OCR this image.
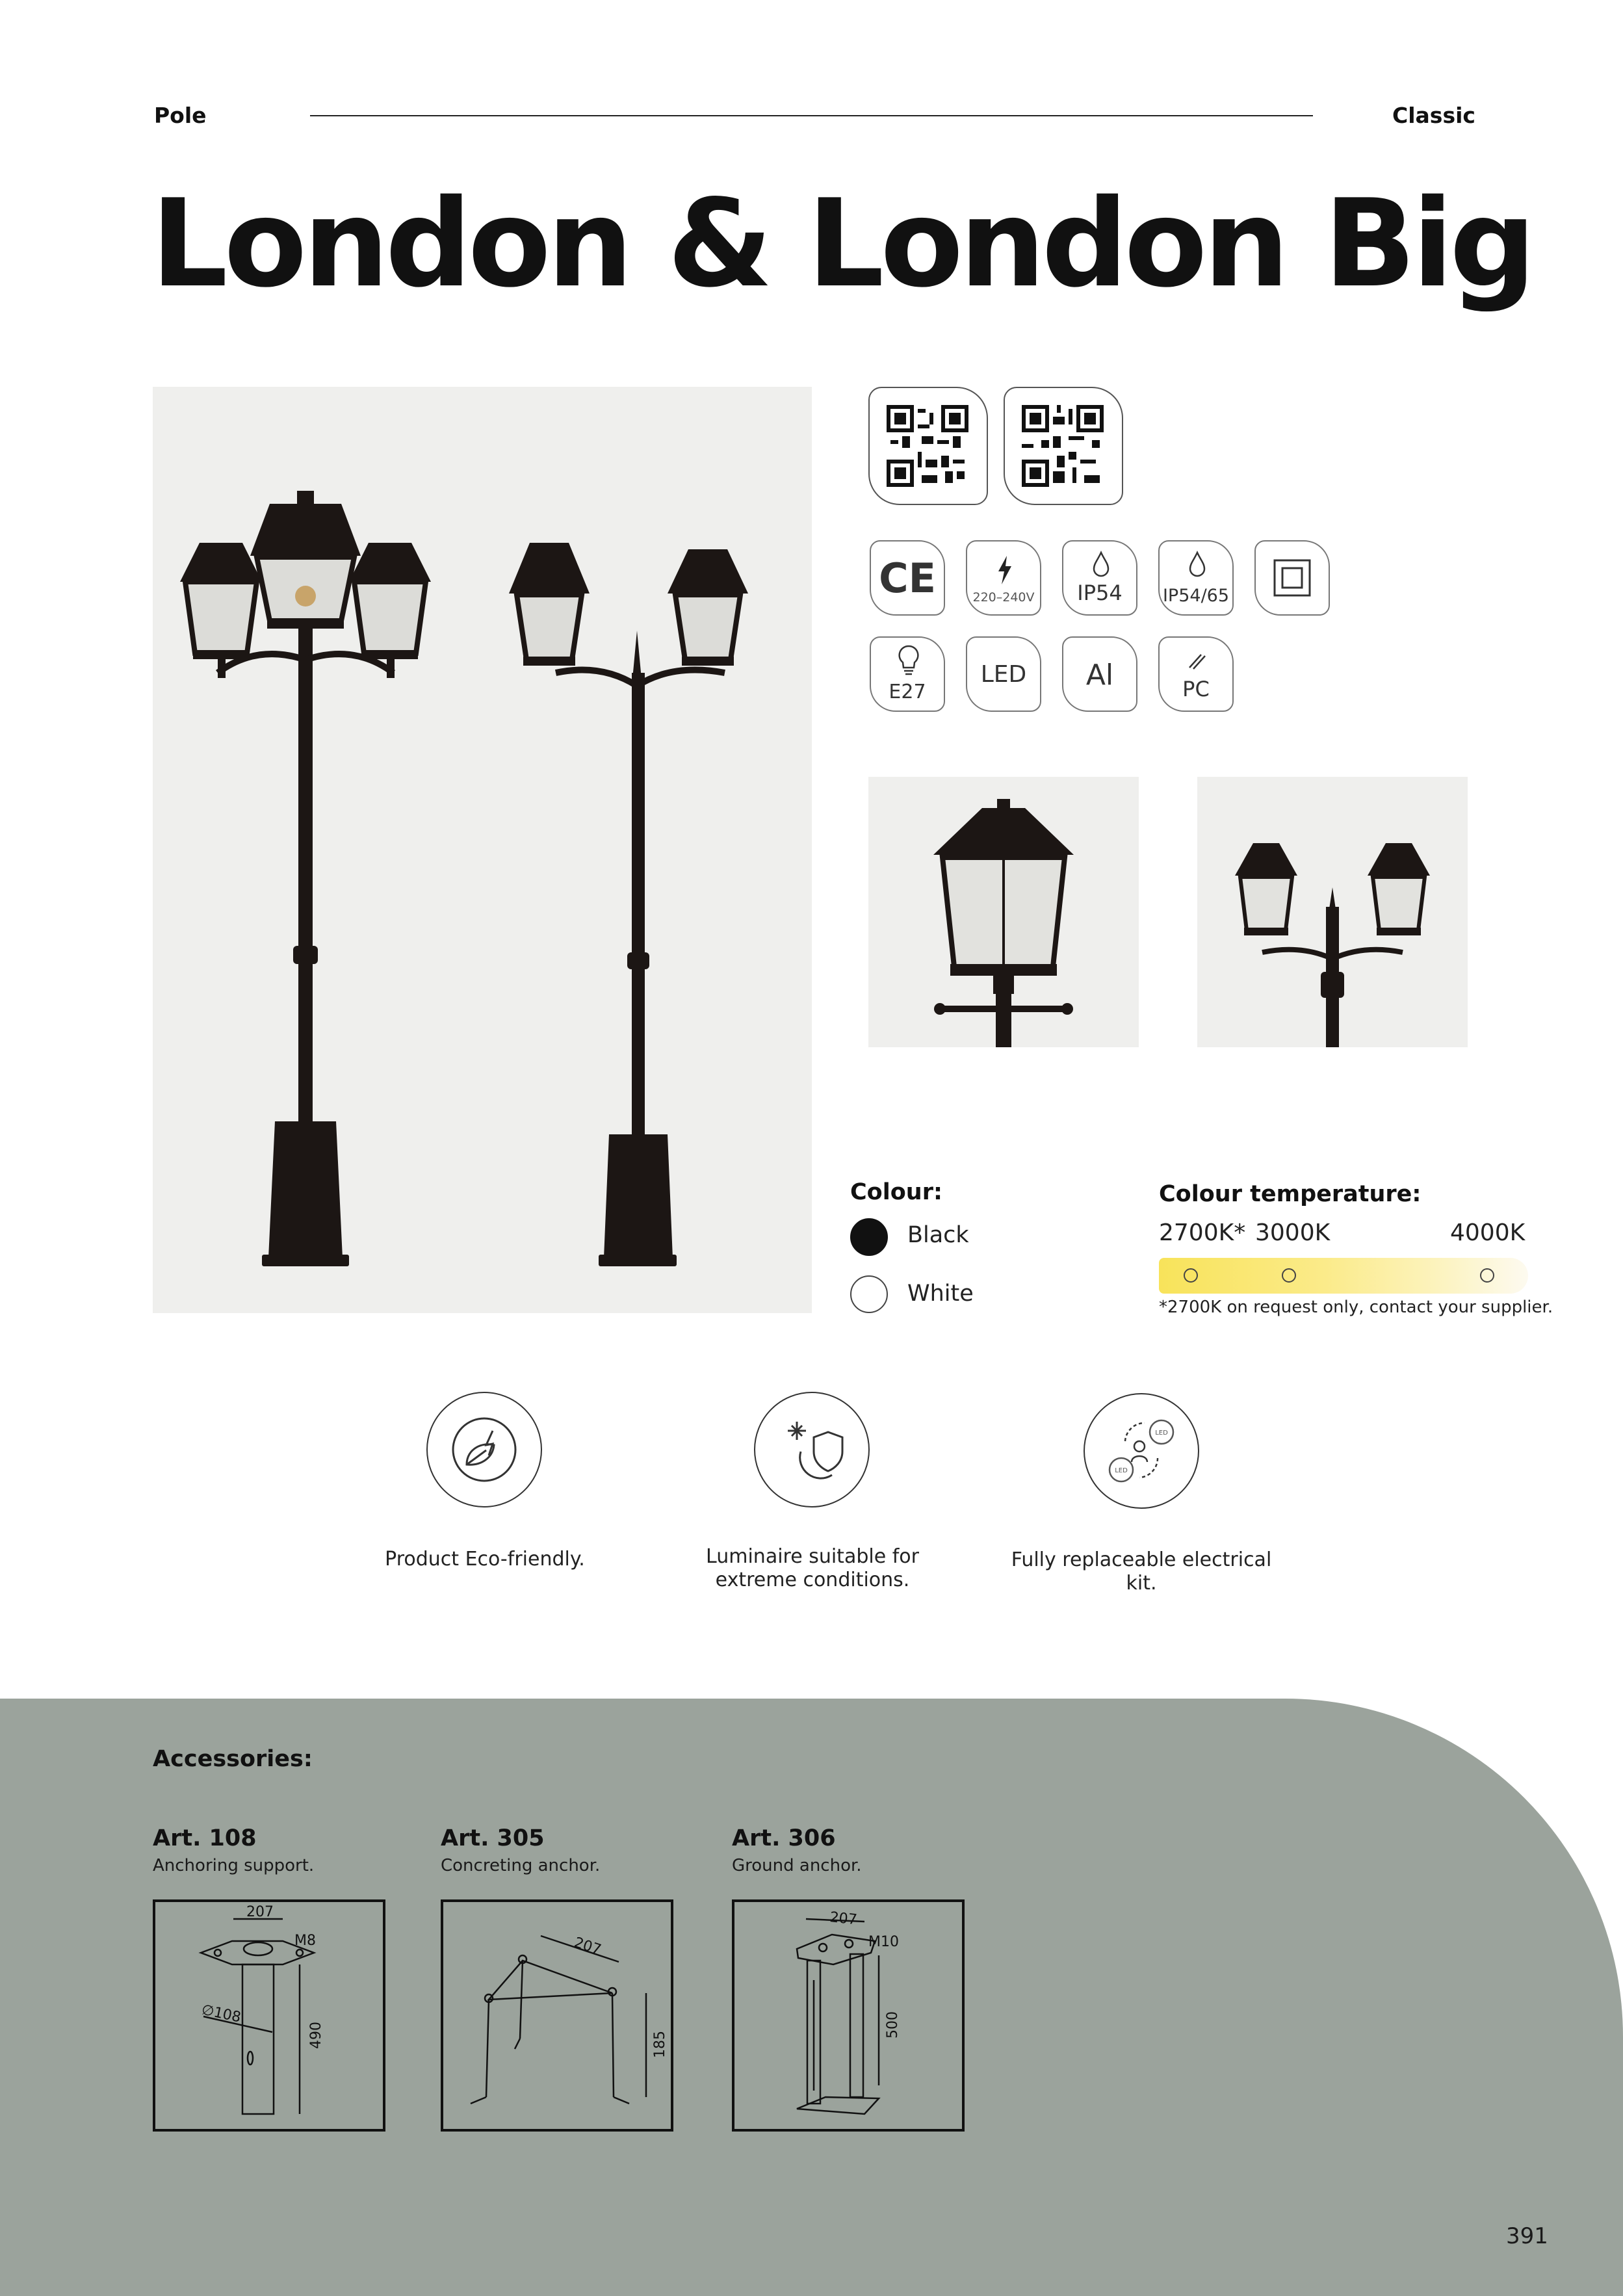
Pole	Classic
London & London Big
CE	220–240V	IP54	IP54/65
E27
LED	Al	PC
Colour:
Black
White
Colour temperature:
2700K* 3000K	4000K
*2700K on request only, contact your supplier.
Product Eco-friendly.	Luminaire suitable for extreme conditions.
LED
LED
Fully replaceable electrical kit.
Accessories:
Art. 108
Anchoring support.
207
M8
∅108
490
Art. 305
Concreting anchor.
207
185
Art. 306
Ground anchor.
207
M10
500
391
